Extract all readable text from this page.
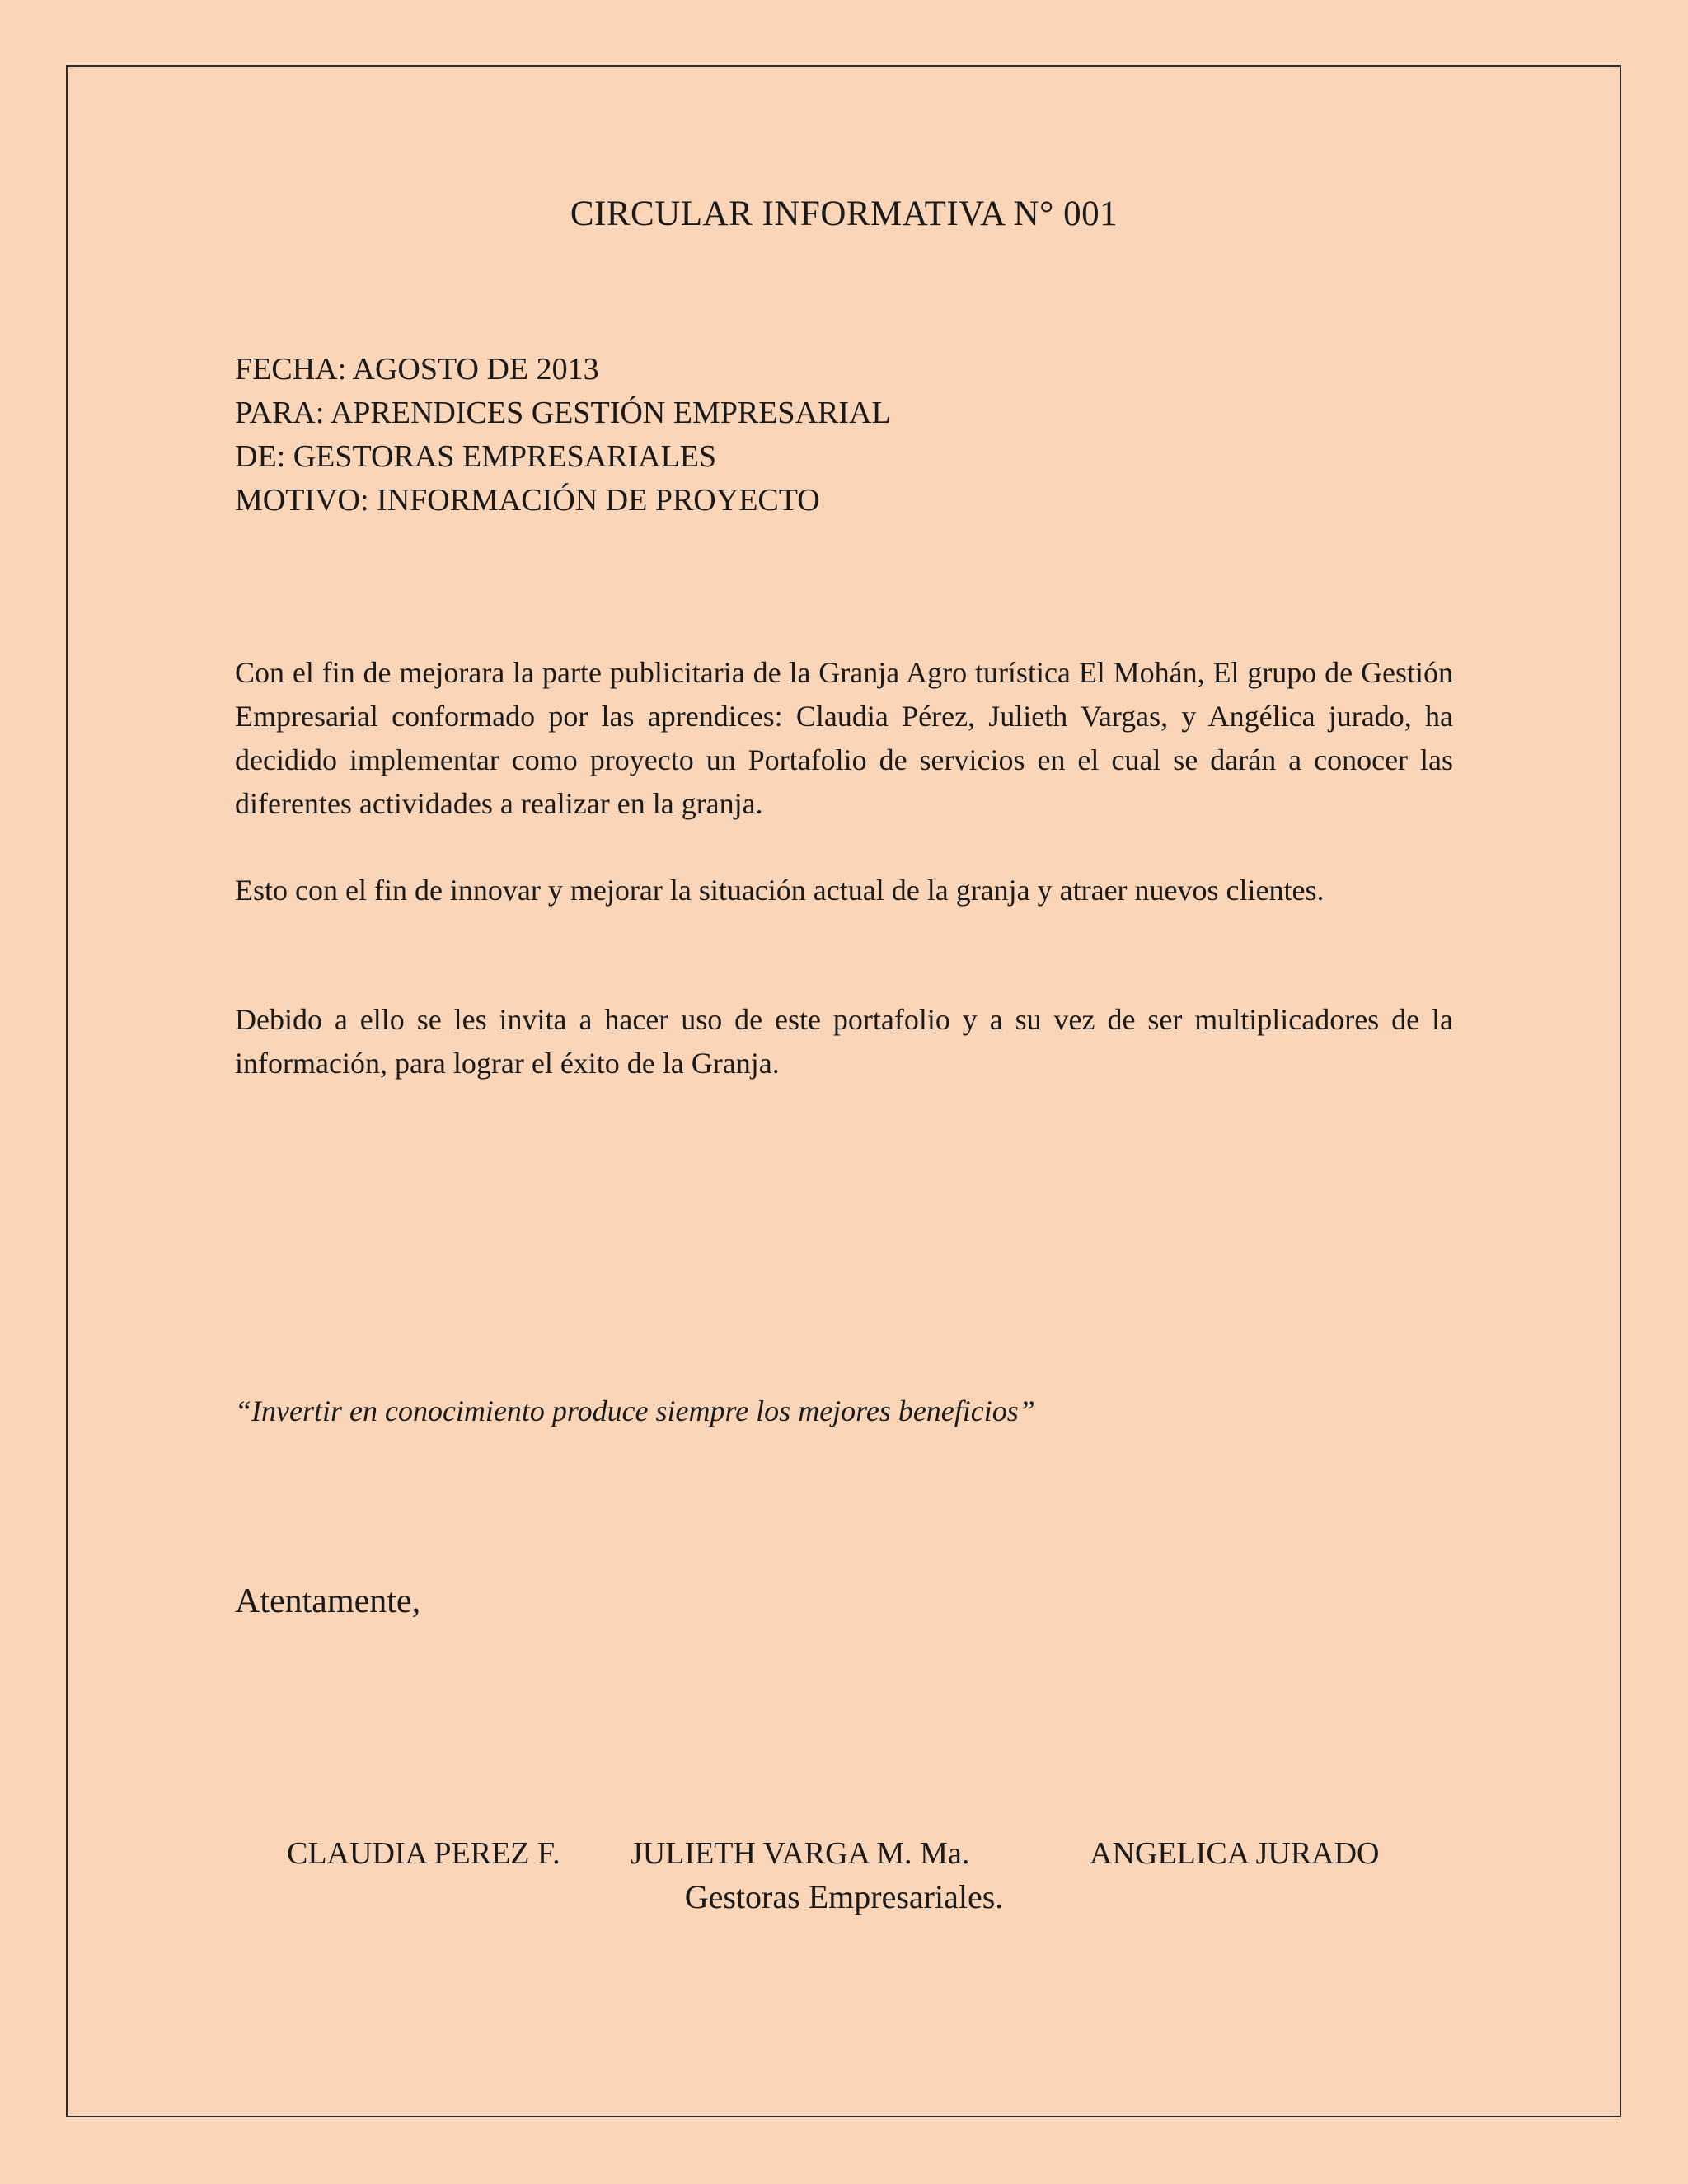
CIRCULAR INFORMATIVA N° 001
FECHA: AGOSTO DE 2013
PARA: APRENDICES GESTIÓN EMPRESARIAL
DE: GESTORAS EMPRESARIALES
MOTIVO: INFORMACIÓN DE PROYECTO
Con el fin de mejorara la parte publicitaria de la Granja Agro turística El Mohán, El grupo de Gestión Empresarial conformado por las aprendices: Claudia Pérez, Julieth Vargas, y Angélica jurado, ha decidido implementar como proyecto un Portafolio de servicios en el cual se darán a conocer las diferentes actividades a realizar en la granja.
Esto con el fin de innovar y mejorar la situación actual de la granja y atraer nuevos clientes.
Debido a ello se les invita a hacer uso de este portafolio y a su vez de ser multiplicadores de la información, para lograr el éxito de la Granja.
“Invertir en conocimiento produce siempre los mejores beneficios”
Atentamente,
CLAUDIA PEREZ F. JULIETH VARGA M. Ma.	ANGELICA JURADO
Gestoras Empresariales.
